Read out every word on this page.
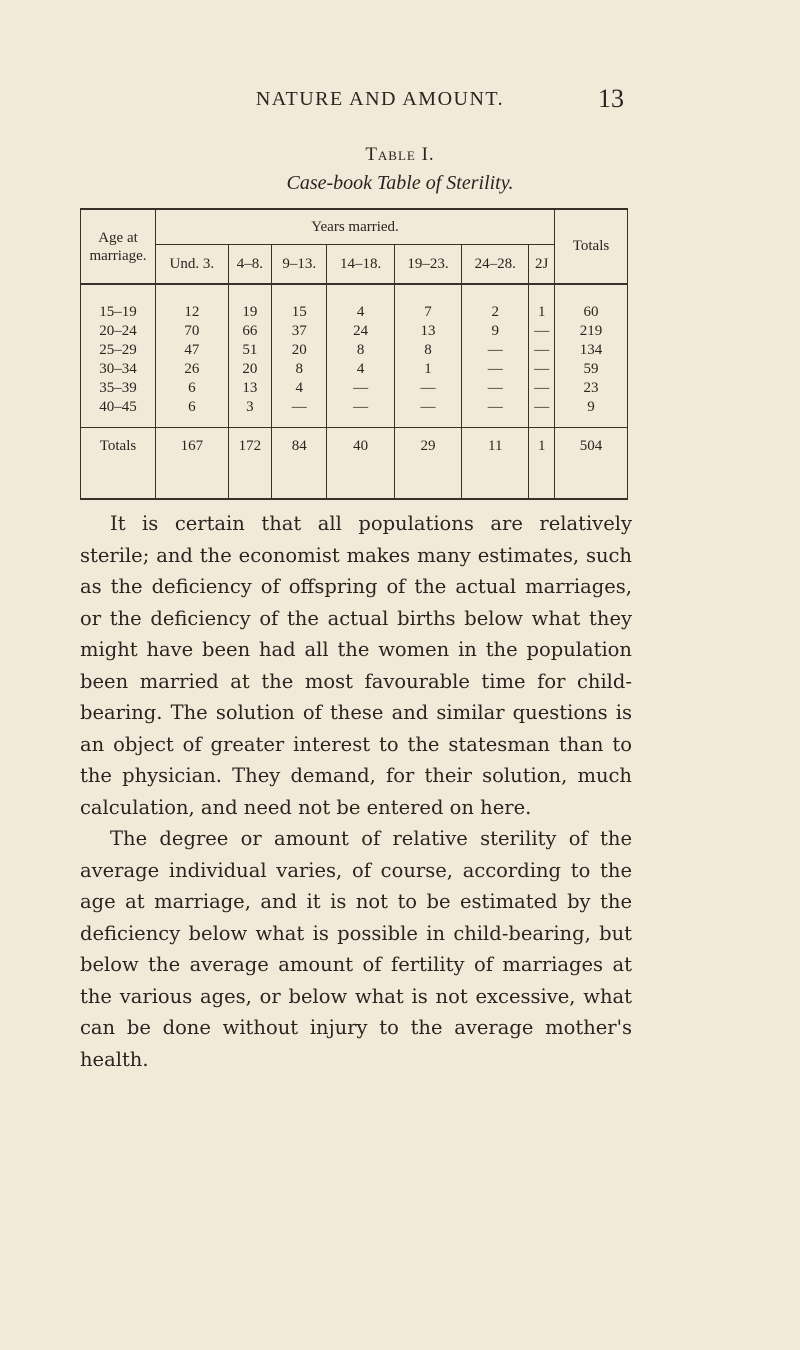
NATURE AND AMOUNT.	13
Table I.
Case-book Table of Sterility.
Age at marriage.	Years married.							Totals
	Und. 3.	4–8.	9–13.	14–18.	19–23.	24–28.	2J	
15–19	12	19	15	4	7	2	1	60
20–24	70	66	37	24	13	9	—	219
25–29	47	51	20	8	8	—	—	134
30–34	26	20	8	4	1	—	—	59
35–39	6	13	4	—	—	—	—	23
40–45	6	3	—	—	—	—	—	9
Totals	167	172	84	40	29	11	1	504

It is certain that all populations are relatively sterile; and the economist makes many estimates, such as the deficiency of offspring of the actual marriages, or the deficiency of the actual births below what they might have been had all the women in the population been married at the most favourable time for child-bearing. The solution of these and similar questions is an object of greater interest to the statesman than to the physician. They demand, for their solution, much calculation, and need not be entered on here.

The degree or amount of relative sterility of the average individual varies, of course, according to the age at marriage, and it is not to be estimated by the deficiency below what is possible in child-bearing, but below the average amount of fertility of marriages at the various ages, or below what is not excessive, what can be done without injury to the average mother's health.
